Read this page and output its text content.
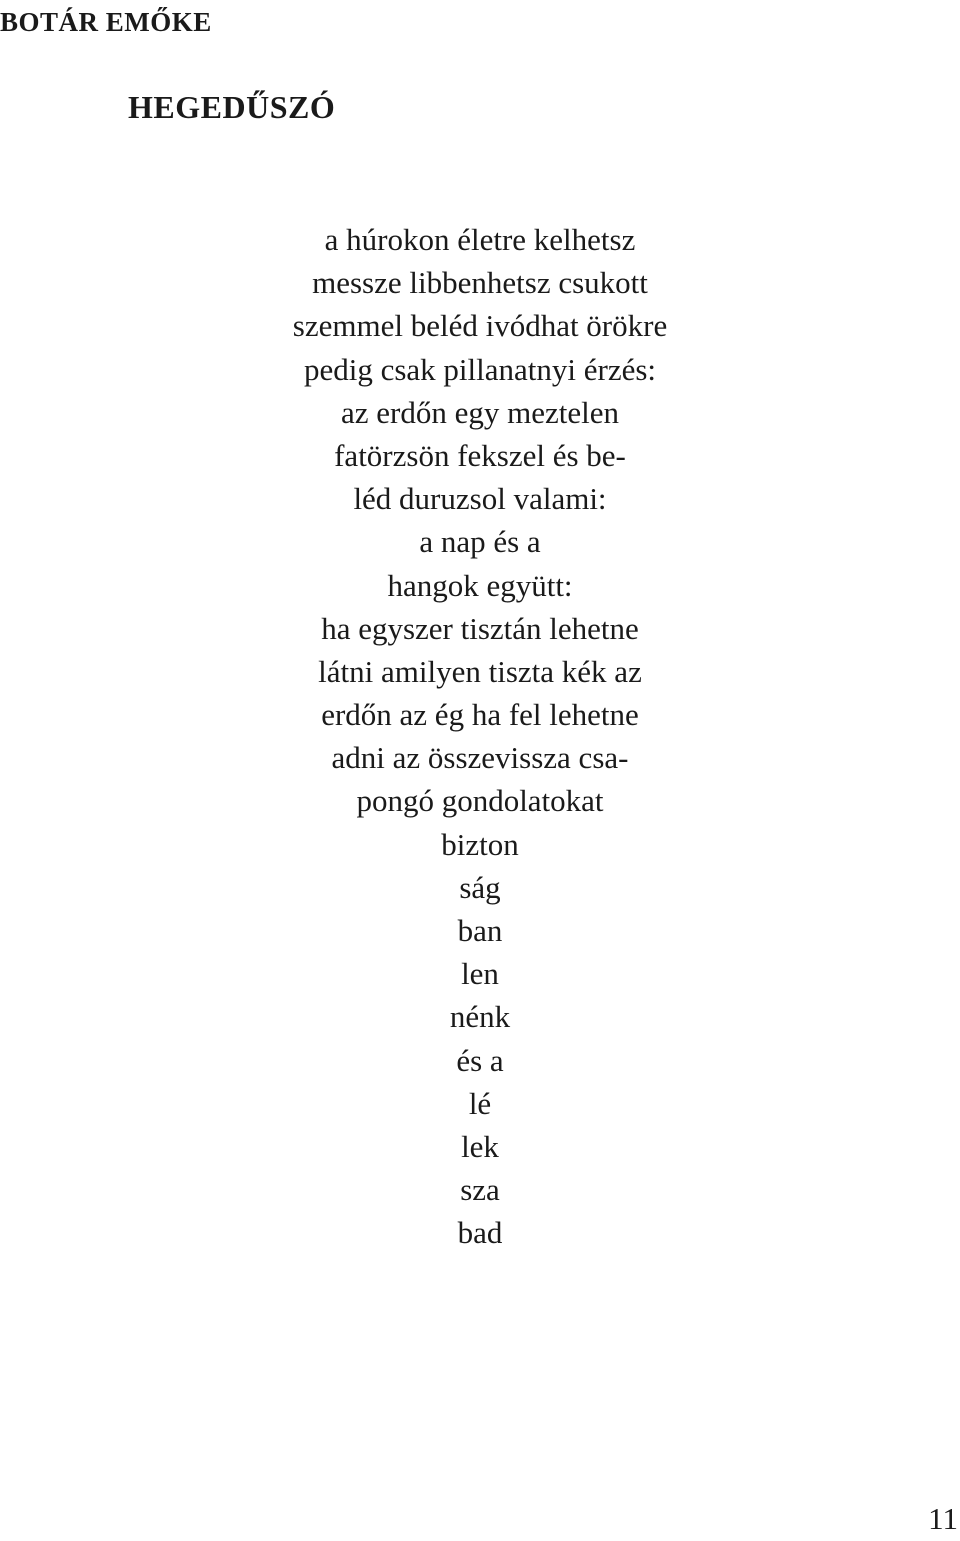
BOTÁR EMŐKE
HEGEDŰSZÓ
a húrokon életre kelhetsz
messze libbenhetsz csukott
szemmel beléd ivódhat örökre
pedig csak pillanatnyi érzés:
az erdőn egy meztelen
fatörzsön fekszel és be-
léd duruzsol valami:
a nap és a
hangok együtt:
ha egyszer tisztán lehetne
látni amilyen tiszta kék az
erdőn az ég ha fel lehetne
adni az összevissza csa-
pongó gondolatokat
bizton
ság
ban
len
nénk
és a
lé
lek
sza
bad
11
